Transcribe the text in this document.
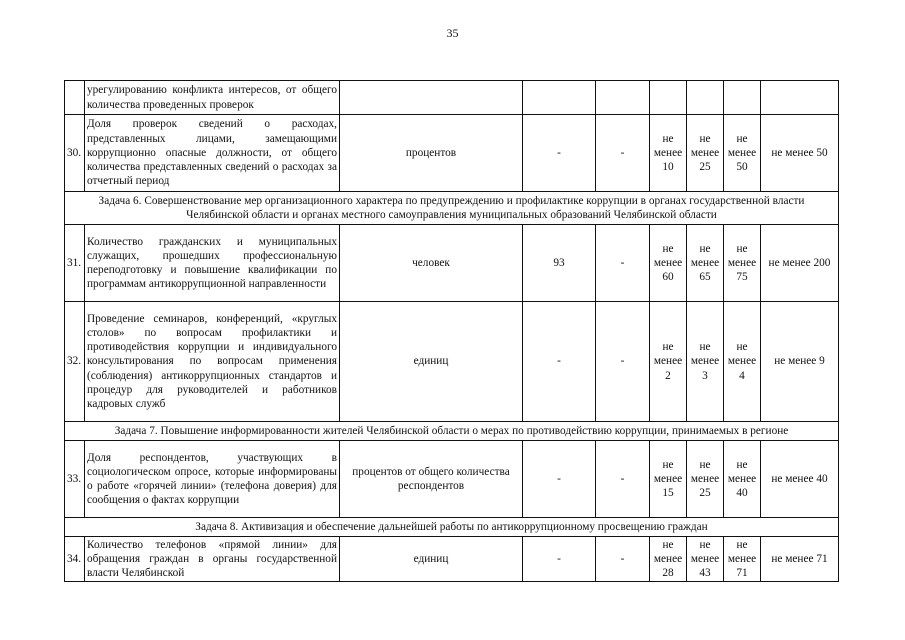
35
	урегулированию конфликта интересов, от общего количества проведенных проверок							
30.	Доля проверок сведений о расходах, представленных лицами, замещающими коррупционно опасные должности, от общего количества представленных сведений о расходах за отчетный период	процентов	-	-	не менее 10	не менее 25	не менее 50	не менее 50
Задача 6. Совершенствование мер организационного характера по предупреждению и профилактике коррупции в органах государственной власти Челябинской области и органах местного самоуправления муниципальных образований Челябинской области								
31.	Количество гражданских и муниципальных служащих, прошедших профессиональную переподготовку и повышение квалификации по программам антикоррупционной направленности	человек	93	-	не менее 60	не менее 65	не менее 75	не менее 200
32.	Проведение семинаров, конференций, «круглых столов» по вопросам профилактики и противодействия коррупции и индивидуального консультирования по вопросам применения (соблюдения) антикоррупционных стандартов и процедур для руководителей и работников кадровых служб	единиц	-	-	не менее 2	не менее 3	не менее 4	не менее 9
Задача 7. Повышение информированности жителей Челябинской области о мерах по противодействию коррупции, принимаемых в регионе								
33.	Доля респондентов, участвующих в социологическом опросе, которые информированы о работе «горячей линии» (телефона доверия) для сообщения о фактах коррупции	процентов от общего количества респондентов	-	-	не менее 15	не менее 25	не менее 40	не менее 40
Задача 8. Активизация и обеспечение дальнейшей работы по антикоррупционному просвещению граждан								
34.	Количество телефонов «прямой линии» для обращения граждан в органы государственной власти Челябинской	единиц	-	-	не менее 28	не менее 43	не менее 71	не менее 71
